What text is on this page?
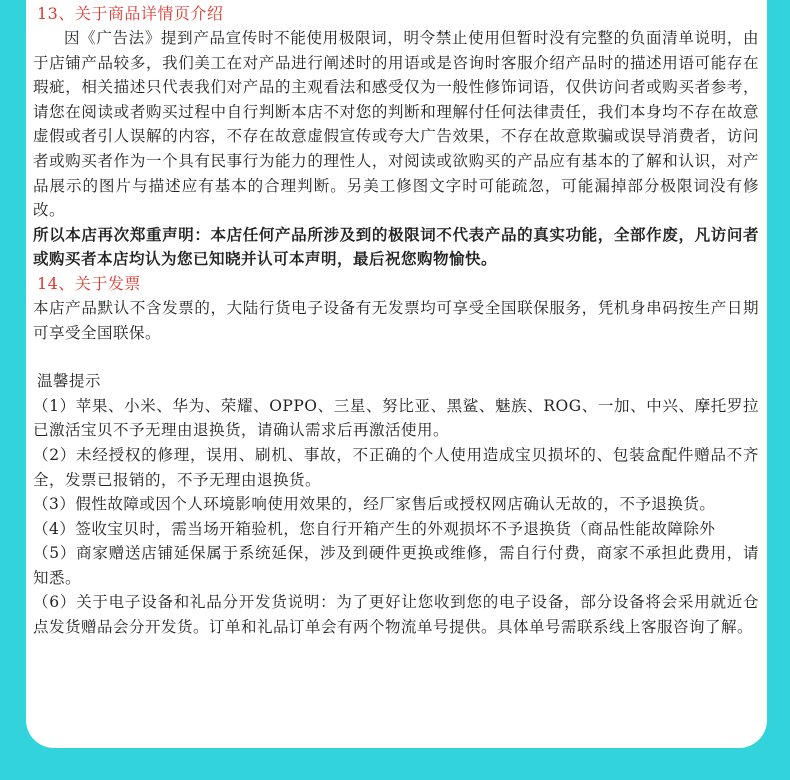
13、关于商品详情页介绍

因《广告法》提到产品宣传时不能使用极限词，明令禁止使用但暂时没有完整的负面清单说明，由于店铺产品较多，我们美工在对产品进行阐述时的用语或是咨询时客服介绍产品时的描述用语可能存在瑕疵，相关描述只代表我们对产品的主观看法和感受仅为一般性修饰词语，仅供访问者或购买者参考，请您在阅读或者购买过程中自行判断本店不对您的判断和理解付任何法律责任，我们本身均不存在故意虚假或者引人误解的内容，不存在故意虚假宣传或夸大广告效果，不存在故意欺骗或误导消费者，访问者或购买者作为一个具有民事行为能力的理性人，对阅读或欲购买的产品应有基本的了解和认识，对产品展示的图片与描述应有基本的合理判断。另美工修图文字时可能疏忽，可能漏掉部分极限词没有修改。

所以本店再次郑重声明：本店任何产品所涉及到的极限词不代表产品的真实功能，全部作废，凡访问者或购买者本店均认为您已知晓并认可本声明，最后祝您购物愉快。

14、关于发票

本店产品默认不含发票的，大陆行货电子设备有无发票均可享受全国联保服务，凭机身串码按生产日期可享受全国联保。

温馨提示

（1）苹果、小米、华为、荣耀、OPPO、三星、努比亚、黑鲨、魅族、ROG、一加、中兴、摩托罗拉已激活宝贝不予无理由退换货，请确认需求后再激活使用。

（2）未经授权的修理，误用、刷机、事故，不正确的个人使用造成宝贝损坏的、包装盒配件赠品不齐全，发票已报销的，不予无理由退换货。

（3）假性故障或因个人环境影响使用效果的，经厂家售后或授权网店确认无故的，不予退换货。

（4）签收宝贝时，需当场开箱验机，您自行开箱产生的外观损坏不予退换货（商品性能故障除外

（5）商家赠送店铺延保属于系统延保，涉及到硬件更换或维修，需自行付费，商家不承担此费用，请知悉。

（6）关于电子设备和礼品分开发货说明：为了更好让您收到您的电子设备，部分设备将会采用就近仓点发货赠品会分开发货。订单和礼品订单会有两个物流单号提供。具体单号需联系线上客服咨询了解。
